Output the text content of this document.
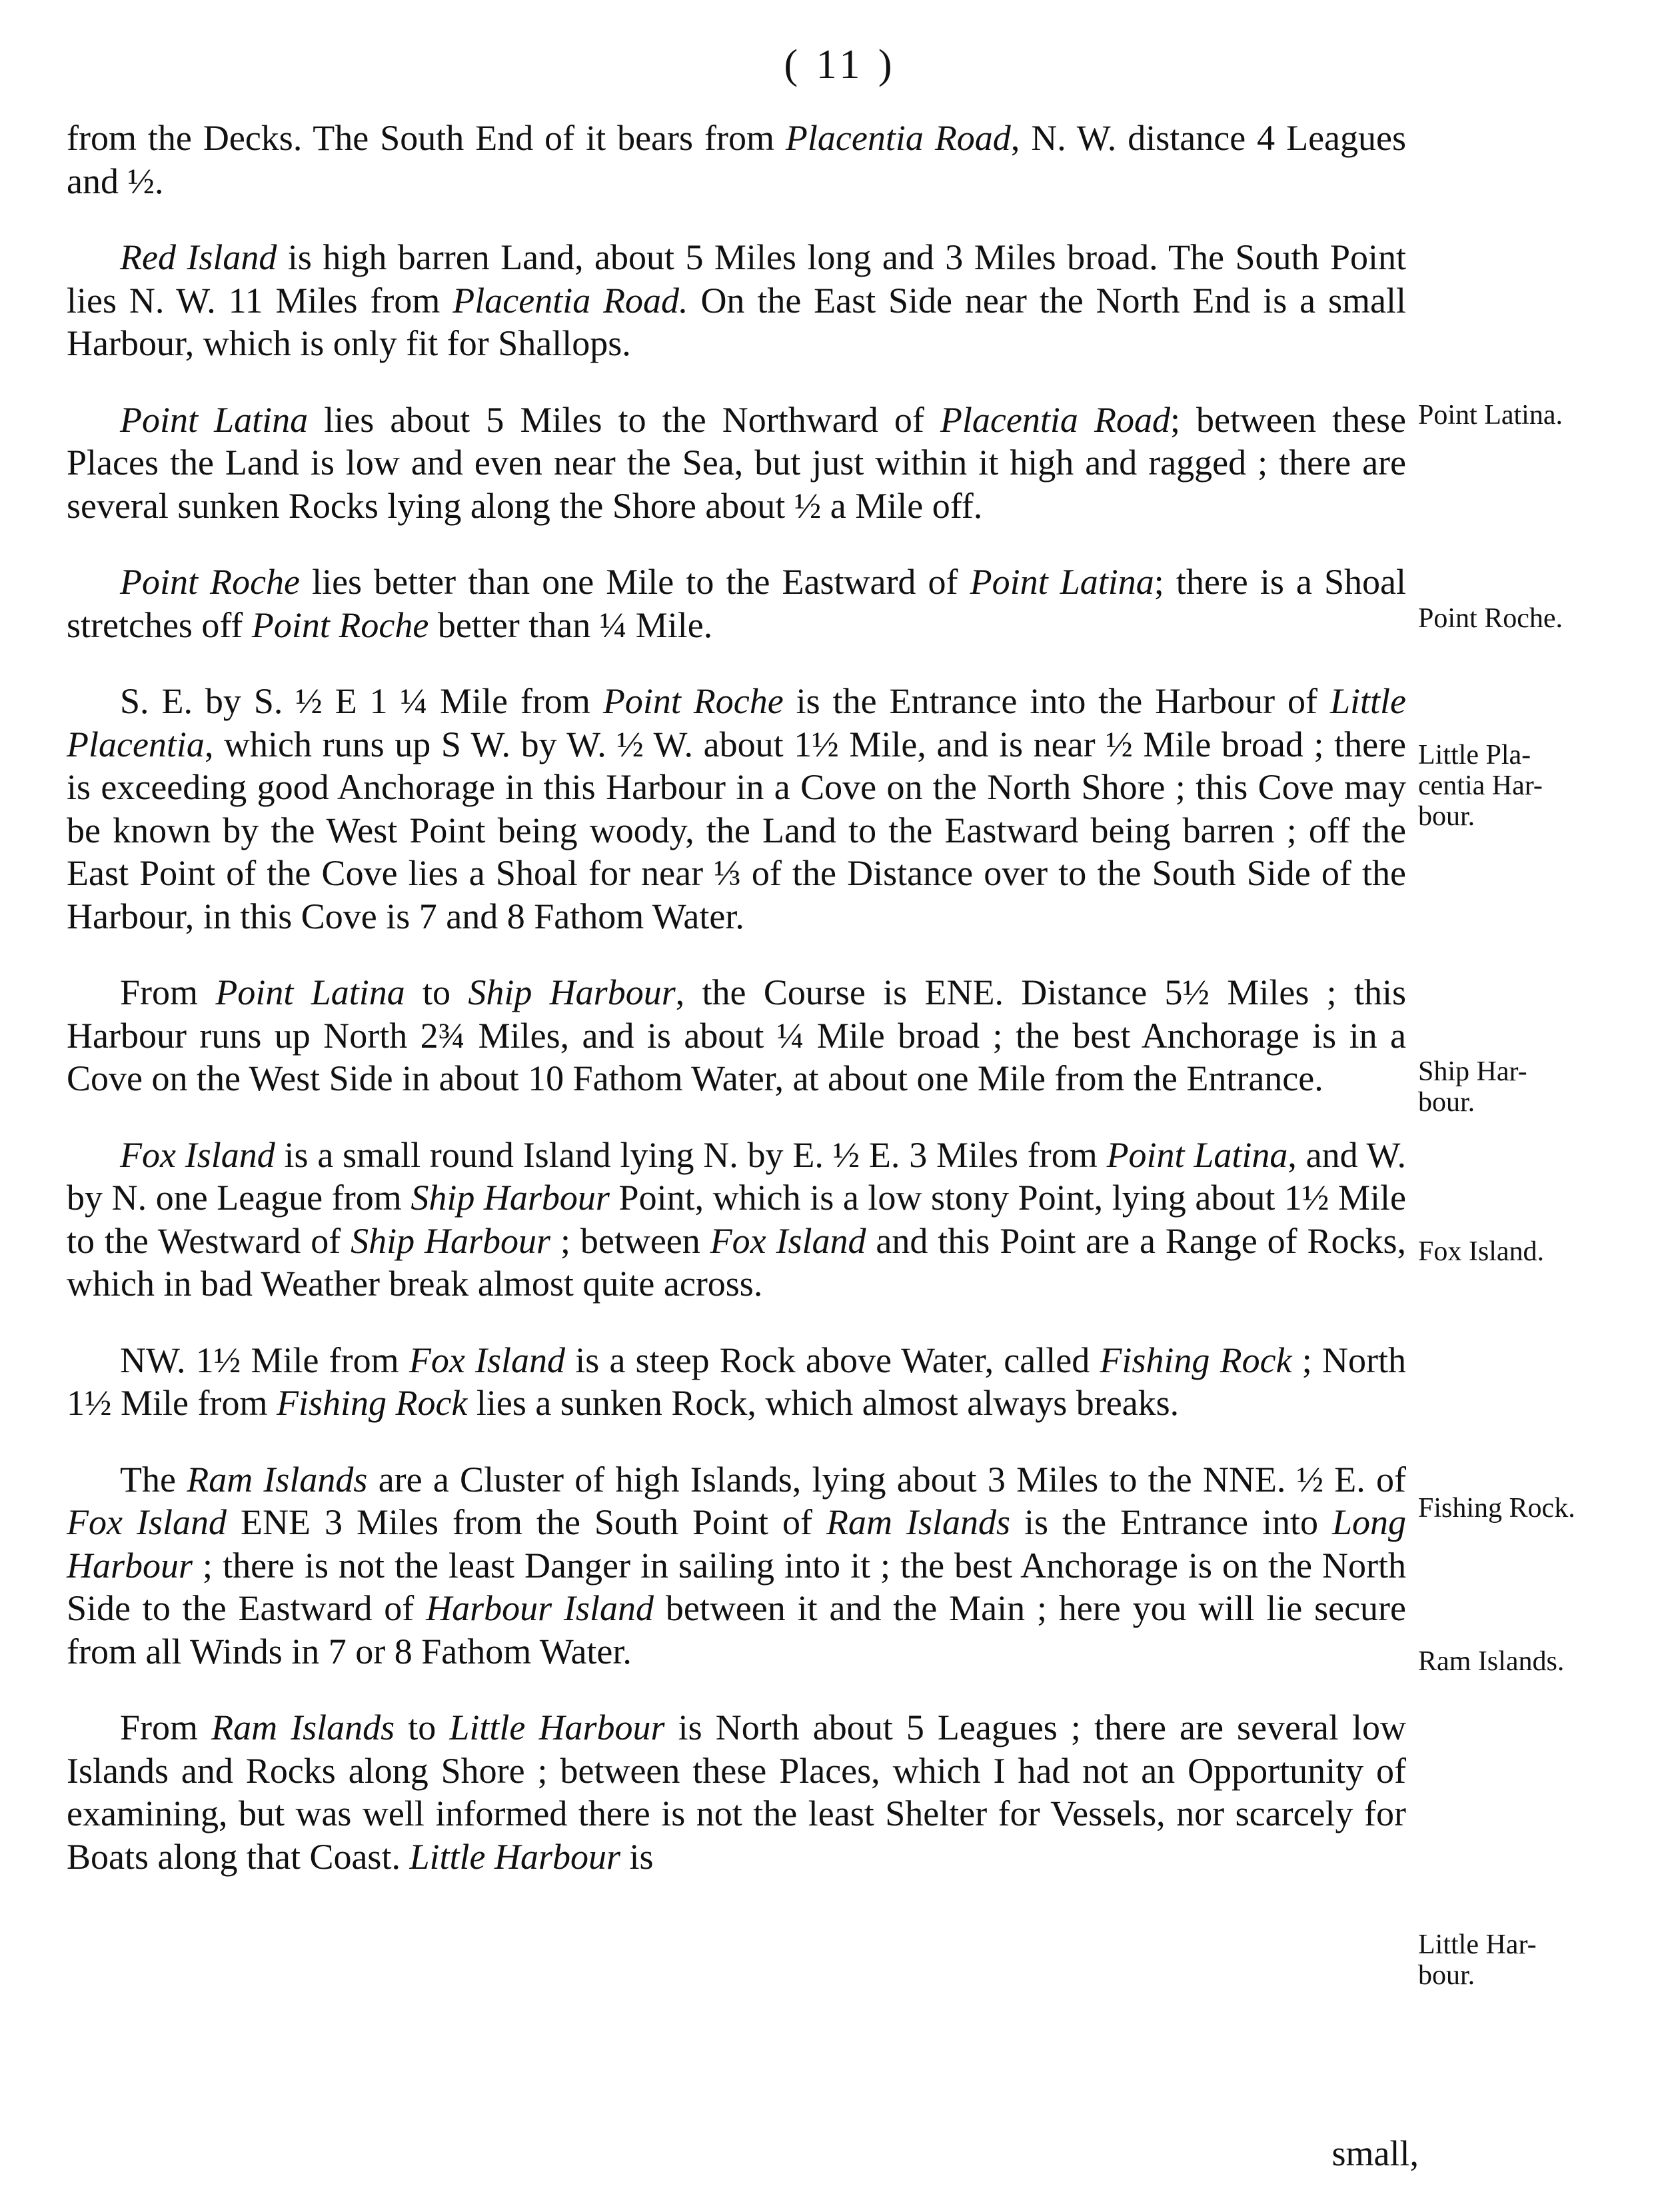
( 11 )

from the Decks. The South End of it bears from Placentia Road, N. W. distance 4 Leagues and ½.

Red Island is high barren Land, about 5 Miles long and 3 Miles broad. The South Point lies N. W. 11 Miles from Placentia Road. On the East Side near the North End is a small Harbour, which is only fit for Shallops.

Point Latina lies about 5 Miles to the Northward of Placentia Road; between these Places the Land is low and even near the Sea, but just within it high and ragged ; there are several sunken Rocks lying along the Shore about ½ a Mile off.

Point Roche lies better than one Mile to the Eastward of Point Latina; there is a Shoal stretches off Point Roche better than ¼ Mile.

S. E. by S. ½ E 1 ¼ Mile from Point Roche is the Entrance into the Harbour of Little Placentia, which runs up S W. by W. ½ W. about 1½ Mile, and is near ½ Mile broad ; there is exceeding good Anchorage in this Harbour in a Cove on the North Shore ; this Cove may be known by the West Point being woody, the Land to the Eastward being barren ; off the East Point of the Cove lies a Shoal for near ⅓ of the Distance over to the South Side of the Harbour, in this Cove is 7 and 8 Fathom Water.

From Point Latina to Ship Harbour, the Course is ENE. Distance 5½ Miles ; this Harbour runs up North 2¾ Miles, and is about ¼ Mile broad ; the best Anchorage is in a Cove on the West Side in about 10 Fathom Water, at about one Mile from the Entrance.

Fox Island is a small round Island lying N. by E. ½ E. 3 Miles from Point Latina, and W. by N. one League from Ship Harbour Point, which is a low stony Point, lying about 1½ Mile to the Westward of Ship Harbour ; between Fox Island and this Point are a Range of Rocks, which in bad Weather break almost quite across.

NW. 1½ Mile from Fox Island is a steep Rock above Water, called Fishing Rock ; North 1½ Mile from Fishing Rock lies a sunken Rock, which almost always breaks.

The Ram Islands are a Cluster of high Islands, lying about 3 Miles to the NNE. ½ E. of Fox Island ENE 3 Miles from the South Point of Ram Islands is the Entrance into Long Harbour ; there is not the least Danger in sailing into it ; the best Anchorage is on the North Side to the Eastward of Harbour Island between it and the Main ; here you will lie secure from all Winds in 7 or 8 Fathom Water.

From Ram Islands to Little Harbour is North about 5 Leagues ; there are several low Islands and Rocks along Shore ; between these Places, which I had not an Opportunity of examining, but was well informed there is not the least Shelter for Vessels, nor scarcely for Boats along that Coast. Little Harbour is

Point Latina.
Point Roche.
Little Pla- centia Har- bour.
Ship Har- bour.
Fox Island.
Fishing Rock.
Ram Islands.
Little Har- bour.
small,
